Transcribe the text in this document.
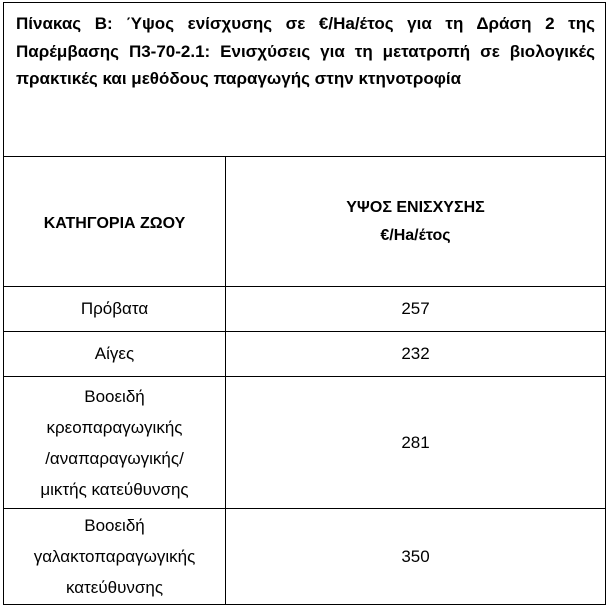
Πίνακας Β: Ύψος ενίσχυσης σε €/Ha/έτος για τη Δράση 2 της Παρέμβασης Π3-70-2.1: Ενισχύσεις για τη μετατροπή σε βιολογικές πρακτικές και μεθόδους παραγωγής στην κτηνοτροφία	

ΚΑΤΗΓΟΡΙΑ ΖΩΟΥ	ΥΨΟΣ ΕΝΙΣΧΥΣΗΣ
€/Ha/έτος

Πρόβατα	257
Αίγες	232

Βοοειδή
κρεοπαραγωγικής
/αναπαραγωγικής/
μικτής κατεύθυνσης	281

Βοοειδή
γαλακτοπαραγωγικής
κατεύθυνσης	350
